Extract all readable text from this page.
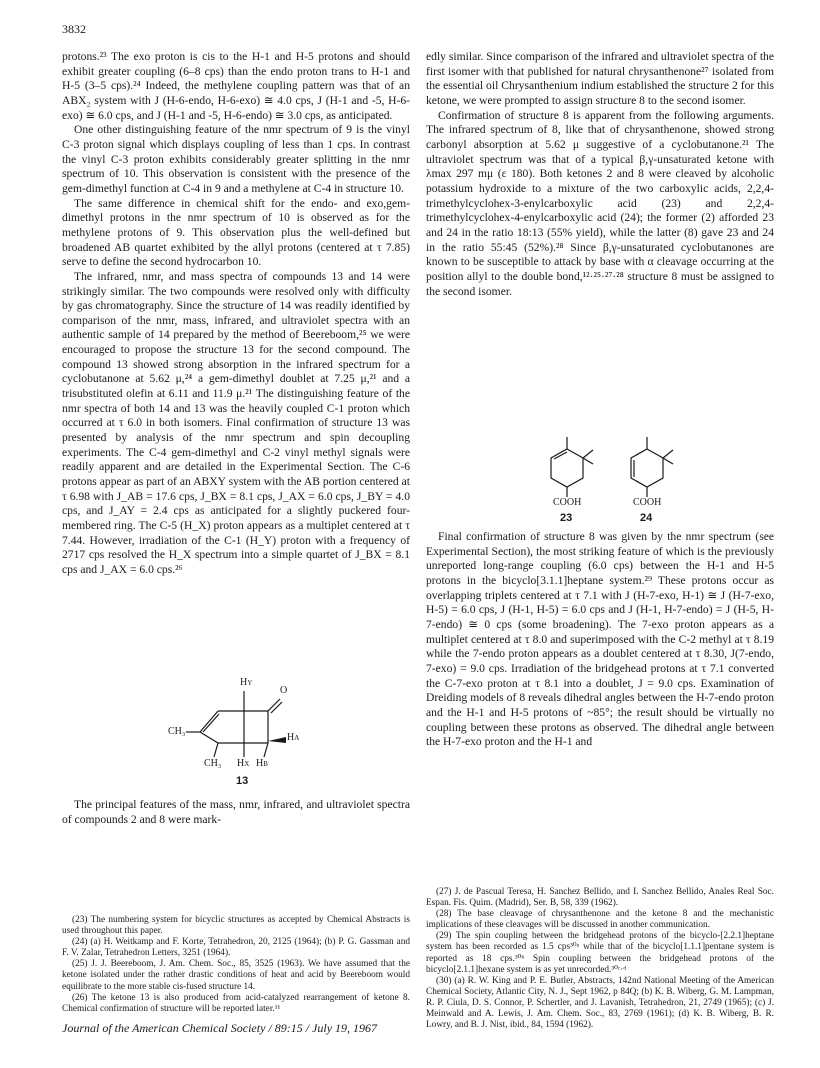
3832

protons.²³ The exo proton is cis to the H-1 and H-5 protons and should exhibit greater coupling (6–8 cps) than the endo proton trans to H-1 and H-5 (3–5 cps).²⁴ Indeed, the methylene coupling pattern was that of an ABX₂ system with J (H-6-endo, H-6-exo) ≅ 4.0 cps, J (H-1 and -5, H-6-exo) ≅ 6.0 cps, and J (H-1 and -5, H-6-endo) ≅ 3.0 cps, as anticipated.

One other distinguishing feature of the nmr spectrum of 9 is the vinyl C-3 proton signal which displays coupling of less than 1 cps. In contrast the vinyl C-3 proton exhibits considerably greater splitting in the nmr spectrum of 10. This observation is consistent with the presence of the gem-dimethyl function at C-4 in 9 and a methylene at C-4 in structure 10.

The same difference in chemical shift for the endo- and exo,gem-dimethyl protons in the nmr spectrum of 10 is observed as for the methylene protons of 9. This observation plus the well-defined but broadened AB quartet exhibited by the allyl protons (centered at τ 7.85) serve to define the second hydrocarbon 10.

The infrared, nmr, and mass spectra of compounds 13 and 14 were strikingly similar. The two compounds were resolved only with difficulty by gas chromatography. Since the structure of 14 was readily identified by comparison of the nmr, mass, infrared, and ultraviolet spectra with an authentic sample of 14 prepared by the method of Beereboom,²⁵ we were encouraged to propose the structure 13 for the second compound. The compound 13 showed strong absorption in the infrared spectrum for a cyclobutanone at 5.62 μ,²⁴ a gem-dimethyl doublet at 7.25 μ,²¹ and a trisubstituted olefin at 6.11 and 11.9 μ.²¹ The distinguishing feature of the nmr spectra of both 14 and 13 was the heavily coupled C-1 proton which occurred at τ 6.0 in both isomers. Final confirmation of structure 13 was presented by analysis of the nmr spectrum and spin decoupling experiments. The C-4 gem-dimethyl and C-2 vinyl methyl signals were readily apparent and are detailed in the Experimental Section. The C-6 protons appear as part of an ABXY system with the AB portion centered at τ 6.98 with J_AB = 17.6 cps, J_BX = 8.1 cps, J_AX = 6.0 cps, J_BY = 4.0 cps, and J_AY = 2.4 cps as anticipated for a slightly puckered four-membered ring. The C-5 (H_X) proton appears as a multiplet centered at τ 7.44. However, irradiation of the C-1 (H_Y) proton with a frequency of 2717 cps resolved the H_X spectrum into a simple quartet of J_BX = 8.1 cps and J_AX = 6.0 cps.²⁶

HY
O
CH₃
HA
CH₃ HX HB
13

The principal features of the mass, nmr, infrared, and ultraviolet spectra of compounds 2 and 8 were mark-

(23) The numbering system for bicyclic structures as accepted by Chemical Abstracts is used throughout this paper.

(24) (a) H. Weitkamp and F. Korte, Tetrahedron, 20, 2125 (1964); (b) P. G. Gassman and F. V. Zalar, Tetrahedron Letters, 3251 (1964).

(25) J. J. Beereboom, J. Am. Chem. Soc., 85, 3525 (1963). We have assumed that the ketone isolated under the rather drastic conditions of heat and acid by Beereboom would equilibrate to the more stable cis-fused structure 14.

(26) The ketone 13 is also produced from acid-catalyzed rearrangement of ketone 8. Chemical confirmation of structure will be reported later.¹¹

edly similar. Since comparison of the infrared and ultraviolet spectra of the first isomer with that published for natural chrysanthenone²⁷ isolated from the essential oil Chrysanthenium indium established the structure 2 for this ketone, we were prompted to assign structure 8 to the second isomer.

Confirmation of structure 8 is apparent from the following arguments. The infrared spectrum of 8, like that of chrysanthenone, showed strong carbonyl absorption at 5.62 μ suggestive of a cyclobutanone.²¹ The ultraviolet spectrum was that of a typical β,γ-unsaturated ketone with λmax 297 mμ (ε 180). Both ketones 2 and 8 were cleaved by alcoholic potassium hydroxide to a mixture of the two carboxylic acids, 2,2,4-trimethylcyclohex-3-enylcarboxylic acid (23) and 2,2,4-trimethylcyclohex-4-enylcarboxylic acid (24); the former (2) afforded 23 and 24 in the ratio 18:13 (55% yield), while the latter (8) gave 23 and 24 in the ratio 55:45 (52%).²⁸ Since β,γ-unsaturated cyclobutanones are known to be susceptible to attack by base with α cleavage occurring at the position allyl to the double bond,¹²·²⁵·²⁷·²⁸ structure 8 must be assigned to the second isomer.

COOH	COOH
23	24

Final confirmation of structure 8 was given by the nmr spectrum (see Experimental Section), the most striking feature of which is the previously unreported long-range coupling (6.0 cps) between the H-1 and H-5 protons in the bicyclo[3.1.1]heptane system.²⁹ These protons occur as overlapping triplets centered at τ 7.1 with J (H-7-exo, H-1) ≅ J (H-7-exo, H-5) = 6.0 cps, J (H-1, H-5) = 6.0 cps and J (H-1, H-7-endo) = J (H-5, H-7-endo) ≅ 0 cps (some broadening). The 7-exo proton appears as a multiplet centered at τ 8.0 and superimposed with the C-2 methyl at τ 8.19 while the 7-endo proton appears as a doublet centered at τ 8.30, J(7-endo, 7-exo) = 9.0 cps. Irradiation of the bridgehead protons at τ 7.1 converted the C-7-exo proton at τ 8.1 into a doublet, J = 9.0 cps. Examination of Dreiding models of 8 reveals dihedral angles between the H-7-endo proton and the H-1 and H-5 protons of ~85°; the result should be virtually no coupling between these protons as observed. The dihedral angle between the H-7-exo proton and the H-1 and

(27) J. de Pascual Teresa, H. Sanchez Bellido, and I. Sanchez Bellido, Anales Real Soc. Espan. Fis. Quim. (Madrid), Ser. B, 58, 339 (1962).

(28) The base cleavage of chrysanthenone and the ketone 8 and the mechanistic implications of these cleavages will be discussed in another communication.

(29) The spin coupling between the bridgehead protons of the bicyclo-[2.2.1]heptane system has been recorded as 1.5 cps³⁰ᵃ while that of the bicyclo[1.1.1]pentane system is reported as 18 cps.³⁰ᵇ Spin coupling between the bridgehead protons of the bicyclo[2.1.1]hexane system is as yet unrecorded.³⁰ᶜ·ᵈ

(30) (a) R. W. King and P. E. Butler, Abstracts, 142nd National Meeting of the American Chemical Society, Atlantic City, N. J., Sept 1962, p 84Q; (b) K. B. Wiberg, G. M. Lampman, R. P. Ciula, D. S. Connor, P. Schertler, and J. Lavanish, Tetrahedron, 21, 2749 (1965); (c) J. Meinwald and A. Lewis, J. Am. Chem. Soc., 83, 2769 (1961); (d) K. B. Wiberg, B. R. Lowry, and B. J. Nist, ibid., 84, 1594 (1962).

Journal of the American Chemical Society / 89:15 / July 19, 1967
